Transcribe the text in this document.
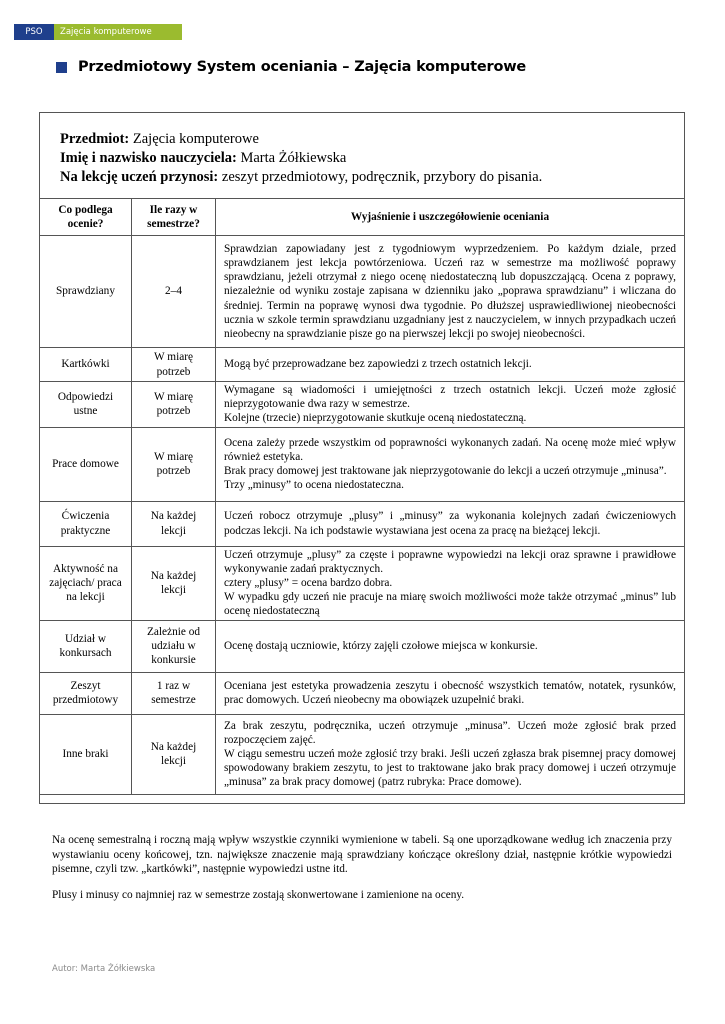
PSO	Zajęcia komputerowe
Przedmiotowy System oceniania – Zajęcia komputerowe
Przedmiot: Zajęcia komputerowe
Imię i nazwisko nauczyciela: Marta Żółkiewska
Na lekcję uczeń przynosi: zeszyt przedmiotowy, podręcznik, przybory do pisania.
Co podlega ocenie?	Ile razy w semestrze?	Wyjaśnienie i uszczegółowienie oceniania
Sprawdziany	2–4	Sprawdzian zapowiadany jest z tygodniowym wyprzedzeniem. Po każdym dziale, przed sprawdzianem jest lekcja powtórzeniowa. Uczeń raz w semestrze ma możliwość poprawy sprawdzianu, jeżeli otrzymał z niego ocenę niedostateczną lub dopuszczającą. Ocena z poprawy, niezależnie od wyniku zostaje zapisana w dzienniku jako „poprawa sprawdzianu” i wliczana do średniej. Termin na poprawę wynosi dwa tygodnie. Po dłuższej usprawiedliwionej nieobecności ucznia w szkole termin sprawdzianu uzgadniany jest z nauczycielem, w innych przypadkach uczeń nieobecny na sprawdzianie pisze go na pierwszej lekcji po swojej nieobecności.

Kartkówki	W miarę potrzeb	Mogą być przeprowadzane bez zapowiedzi z trzech ostatnich lekcji.

Odpowiedzi ustne	W miarę potrzeb	Wymagane są wiadomości i umiejętności z trzech ostatnich lekcji. Uczeń może zgłosić nieprzygotowanie dwa razy w semestrze.
Kolejne (trzecie) nieprzygotowanie skutkuje oceną niedostateczną.

Prace domowe	W miarę potrzeb	Ocena zależy przede wszystkim od poprawności wykonanych zadań. Na ocenę może mieć wpływ również estetyka.
Brak pracy domowej jest traktowane jak nieprzygotowanie do lekcji a uczeń otrzymuje „minusa”.
Trzy „minusy” to ocena niedostateczna.

Ćwiczenia praktyczne	Na każdej lekcji	Uczeń robocz otrzymuje „plusy” i „minusy” za wykonania kolejnych zadań ćwiczeniowych podczas lekcji. Na ich podstawie wystawiana jest ocena za pracę na bieżącej lekcji.

Aktywność na zajęciach/ praca na lekcji	Na każdej lekcji	Uczeń otrzymuje „plusy” za częste i poprawne wypowiedzi na lekcji oraz sprawne i prawidłowe wykonywanie zadań praktycznych.
cztery „plusy” = ocena bardzo dobra.
W wypadku gdy uczeń nie pracuje na miarę swoich możliwości może także otrzymać „minus” lub ocenę niedostateczną

Udział w konkursach	Zależnie od udziału w konkursie	Ocenę dostają uczniowie, którzy zajęli czołowe miejsca w konkursie.

Zeszyt przedmiotowy	1 raz w semestrze	Oceniana jest estetyka prowadzenia zeszytu i obecność wszystkich tematów, notatek, rysunków, prac domowych. Uczeń nieobecny ma obowiązek uzupełnić braki.

Inne braki	Na każdej lekcji	Za brak zeszytu, podręcznika, uczeń otrzymuje „minusa”. Uczeń może zgłosić brak przed rozpoczęciem zajęć.
W ciągu semestru uczeń może zgłosić trzy braki. Jeśli uczeń zgłasza brak pisemnej pracy domowej spowodowany brakiem zeszytu, to jest to traktowane jako brak pracy domowej i uczeń otrzymuje „minusa” za brak pracy domowej (patrz rubryka: Prace domowe).
Na ocenę semestralną i roczną mają wpływ wszystkie czynniki wymienione w tabeli. Są one uporządkowane według ich znaczenia przy wystawianiu oceny końcowej, tzn. największe znaczenie mają sprawdziany kończące określony dział, następnie krótkie wypowiedzi pisemne, czyli tzw. „kartkówki”, następnie wypowiedzi ustne itd.
Plusy i minusy co najmniej raz w semestrze zostają skonwertowane i zamienione na oceny.
Autor: Marta Żółkiewska
